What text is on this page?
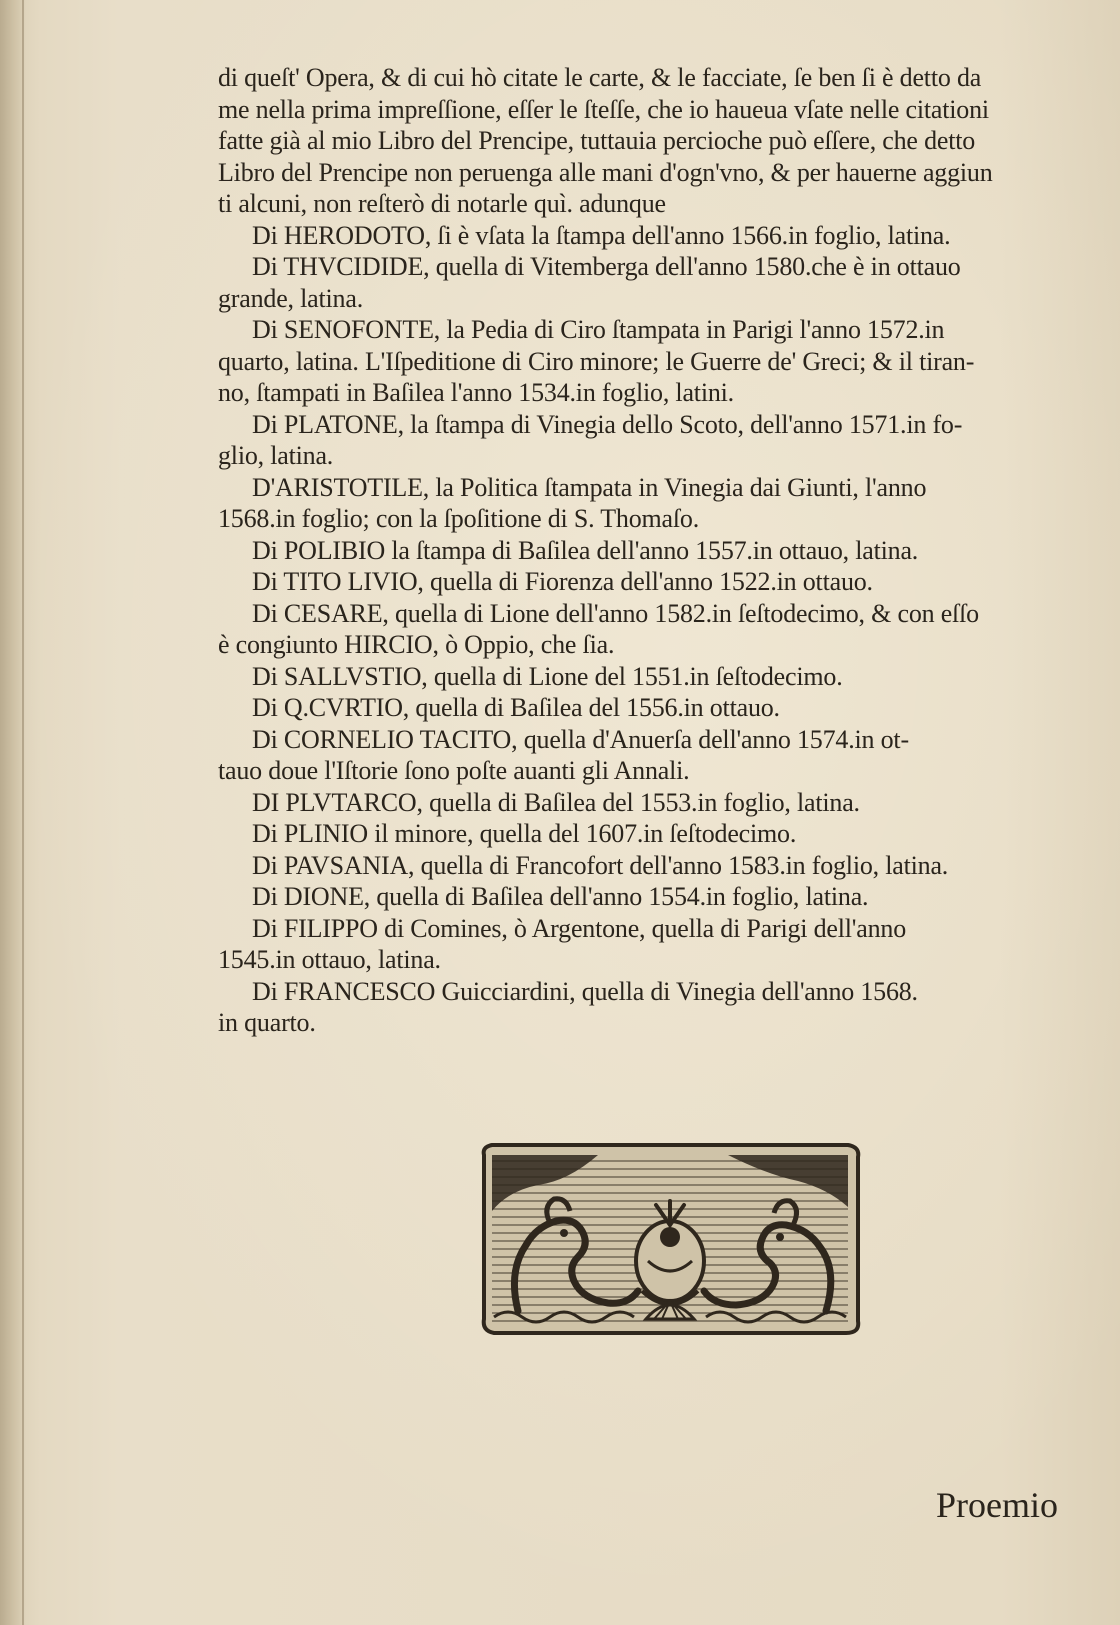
di queſt' Opera, & di cui hò citate le carte, & le facciate, ſe ben ſi è detto da
me nella prima impreſſione, eſſer le ſteſſe, che io haueua vſate nelle citationi
fatte già al mio Libro del Prencipe, tuttauia percioche può eſſere, che detto
Libro del Prencipe non peruenga alle mani d'ogn'vno, & per hauerne aggiun
ti alcuni, non reſterò di notarle quì. adunque
Di HERODOTO, ſi è vſata la ſtampa dell'anno 1566.in foglio, latina.
Di THVCIDIDE, quella di Vitemberga dell'anno 1580.che è in ottauo
grande, latina.
Di SENOFONTE, la Pedia di Ciro ſtampata in Parigi l'anno 1572.in
quarto, latina. L'Iſpeditione di Ciro minore; le Guerre de' Greci; & il tiran-
no, ſtampati in Baſilea l'anno 1534.in foglio, latini.
Di PLATONE, la ſtampa di Vinegia dello Scoto, dell'anno 1571.in fo-
glio, latina.
D'ARISTOTILE, la Politica ſtampata in Vinegia dai Giunti, l'anno
1568.in foglio; con la ſpoſitione di S. Thomaſo.
Di POLIBIO la ſtampa di Baſilea dell'anno 1557.in ottauo, latina.
Di TITO LIVIO, quella di Fiorenza dell'anno 1522.in ottauo.
Di CESARE, quella di Lione dell'anno 1582.in ſeſtodecimo, & con eſſo
è congiunto HIRCIO, ò Oppio, che ſia.
Di SALLVSTIO, quella di Lione del 1551.in ſeſtodecimo.
Di Q.CVRTIO, quella di Baſilea del 1556.in ottauo.
Di CORNELIO TACITO, quella d'Anuerſa dell'anno 1574.in ot-
tauo doue l'Iſtorie ſono poſte auanti gli Annali.
DI PLVTARCO, quella di Baſilea del 1553.in foglio, latina.
Di PLINIO il minore, quella del 1607.in ſeſtodecimo.
Di PAVSANIA, quella di Francofort dell'anno 1583.in foglio, latina.
Di DIONE, quella di Baſilea dell'anno 1554.in foglio, latina.
Di FILIPPO di Comines, ò Argentone, quella di Parigi dell'anno
1545.in ottauo, latina.
Di FRANCESCO Guicciardini, quella di Vinegia dell'anno 1568.
in quarto.
Proemio
